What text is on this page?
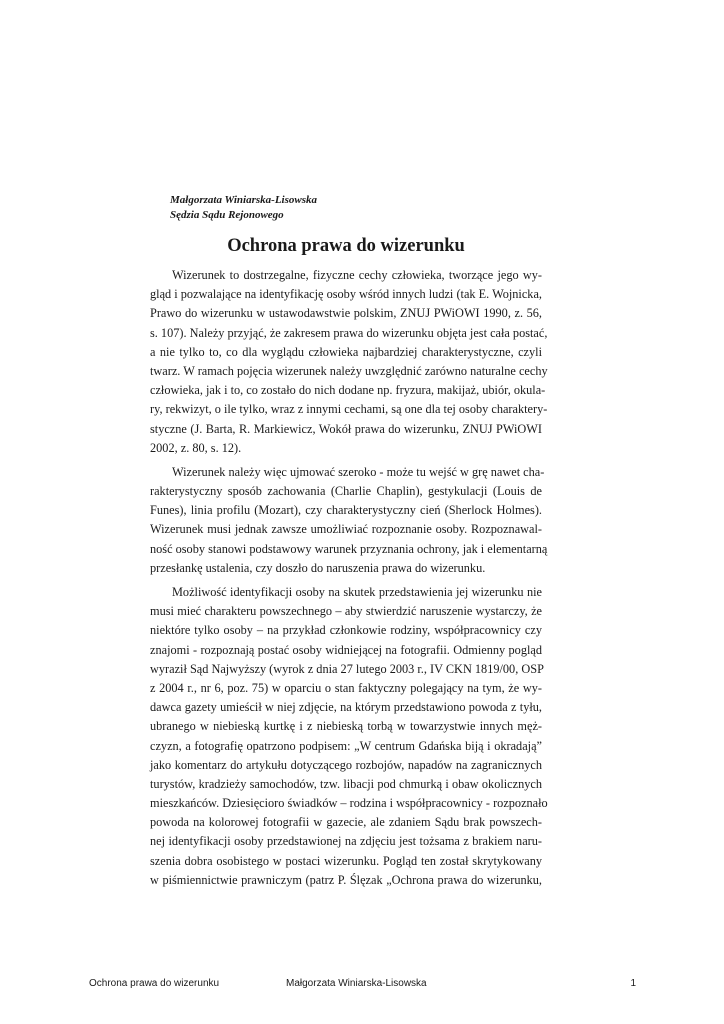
Małgorzata Winiarska-Lisowska
Sędzia Sądu Rejonowego
Ochrona prawa do wizerunku
Wizerunek to dostrzegalne, fizyczne cechy człowieka, tworzące jego wy-
gląd i pozwalające na identyfikację osoby wśród innych ludzi (tak E. Wojnicka,
Prawo do wizerunku w ustawodawstwie polskim, ZNUJ PWiOWI 1990, z. 56,
s. 107). Należy przyjąć, że zakresem prawa do wizerunku objęta jest cała postać,
a nie tylko to, co dla wyglądu człowieka najbardziej charakterystyczne, czyli
twarz. W ramach pojęcia wizerunek należy uwzględnić zarówno naturalne cechy
człowieka, jak i to, co zostało do nich dodane np. fryzura, makijaż, ubiór, okula-
ry, rekwizyt, o ile tylko, wraz z innymi cechami, są one dla tej osoby charaktery-
styczne (J. Barta, R. Markiewicz, Wokół prawa do wizerunku, ZNUJ PWiOWI
2002, z. 80, s. 12).
Wizerunek należy więc ujmować szeroko - może tu wejść w grę nawet cha-
rakterystyczny sposób zachowania (Charlie Chaplin), gestykulacji (Louis de
Funes), linia profilu (Mozart), czy charakterystyczny cień (Sherlock Holmes).
Wizerunek musi jednak zawsze umożliwiać rozpoznanie osoby. Rozpoznawal-
ność osoby stanowi podstawowy warunek przyznania ochrony, jak i elementarną
przesłankę ustalenia, czy doszło do naruszenia prawa do wizerunku.
Możliwość identyfikacji osoby na skutek przedstawienia jej wizerunku nie
musi mieć charakteru powszechnego – aby stwierdzić naruszenie wystarczy, że
niektóre tylko osoby – na przykład członkowie rodziny, współpracownicy czy
znajomi - rozpoznają postać osoby widniejącej na fotografii. Odmienny pogląd
wyraził Sąd Najwyższy (wyrok z dnia 27 lutego 2003 r., IV CKN 1819/00, OSP
z 2004 r., nr 6, poz. 75) w oparciu o stan faktyczny polegający na tym, że wy-
dawca gazety umieścił w niej zdjęcie, na którym przedstawiono powoda z tyłu,
ubranego w niebieską kurtkę i z niebieską torbą w towarzystwie innych męż-
czyzn, a fotografię opatrzono podpisem: „W centrum Gdańska biją i okradają”
jako komentarz do artykułu dotyczącego rozbojów, napadów na zagranicznych
turystów, kradzieży samochodów, tzw. libacji pod chmurką i obaw okolicznych
mieszkańców. Dziesięcioro świadków – rodzina i współpracownicy - rozpoznało
powoda na kolorowej fotografii w gazecie, ale zdaniem Sądu brak powszech-
nej identyfikacji osoby przedstawionej na zdjęciu jest tożsama z brakiem naru-
szenia dobra osobistego w postaci wizerunku. Pogląd ten został skrytykowany
w piśmiennictwie prawniczym (patrz P. Ślęzak „Ochrona prawa do wizerunku,
Ochrona prawa do wizerunku	Małgorzata Winiarska-Lisowska	1
